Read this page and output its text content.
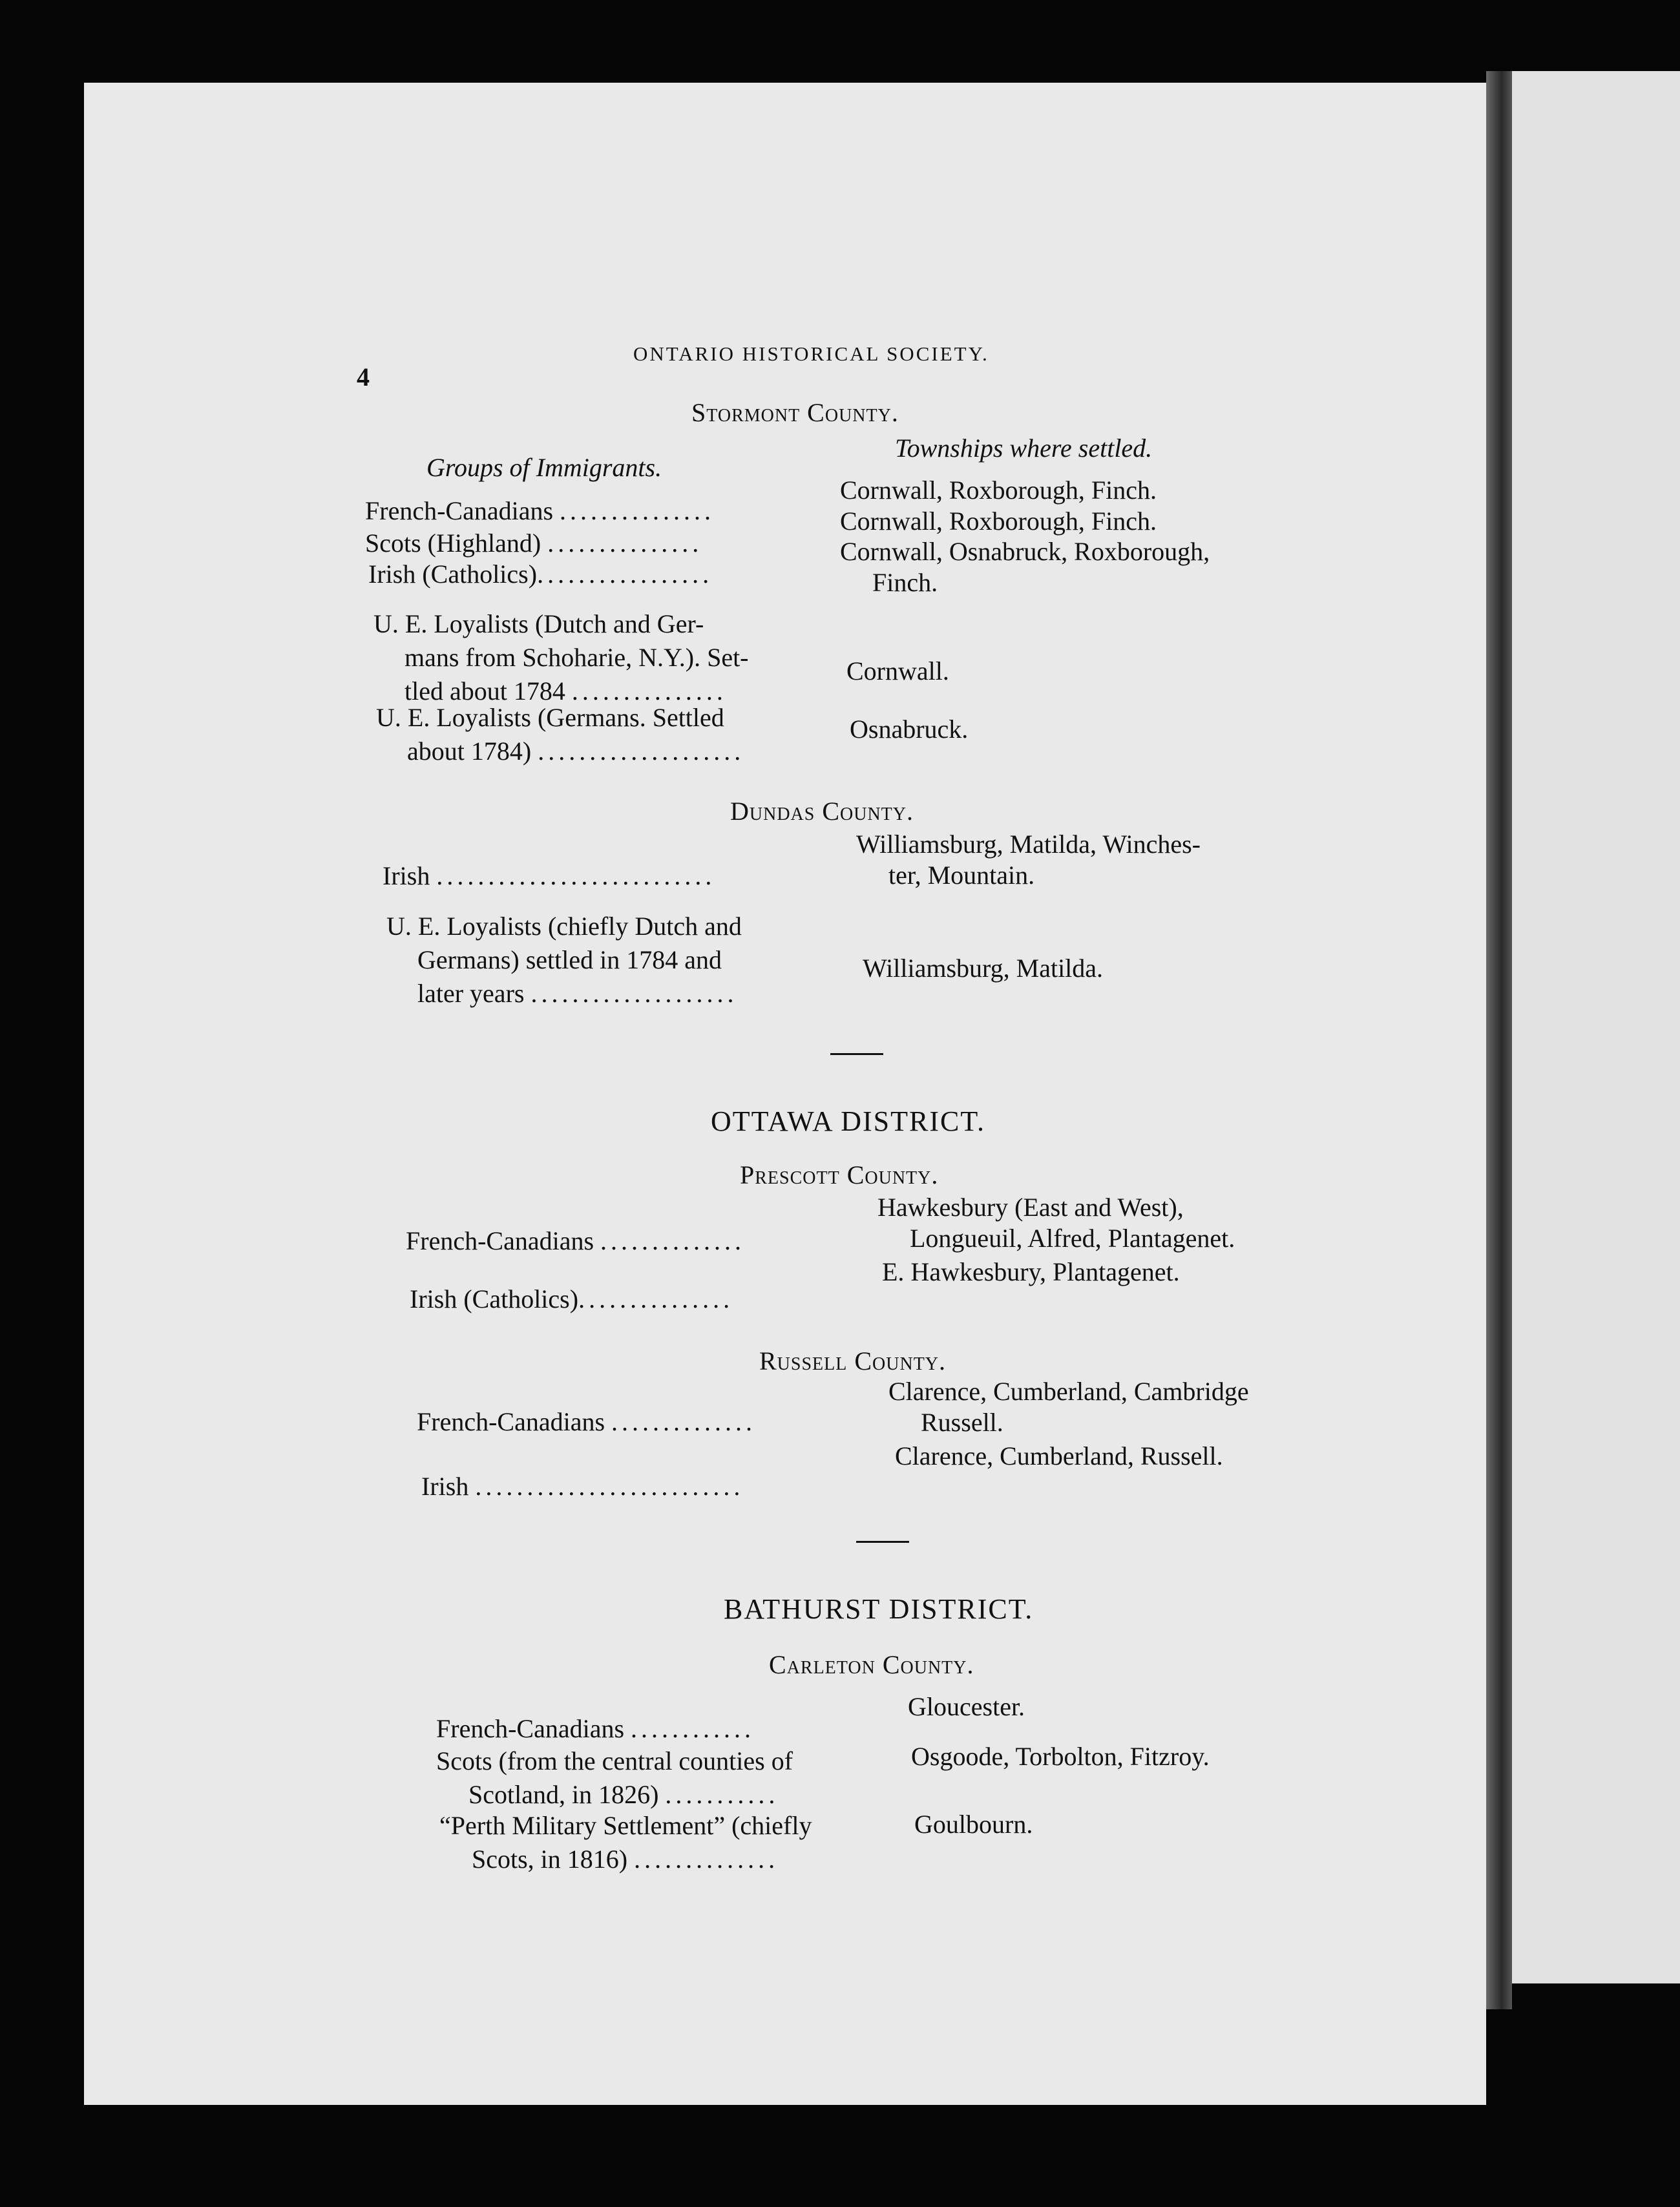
4
ONTARIO HISTORICAL SOCIETY.
Stormont County.
Groups of Immigrants.
Townships where settled.
French-Canadians ...............
Cornwall, Roxborough, Finch.
Scots (Highland) ...............
Cornwall, Roxborough, Finch.
Irish (Catholics).................
Cornwall, Osnabruck, Roxborough,
Finch.
U. E. Loyalists (Dutch and Ger-
mans from Schoharie, N.Y.). Set-
tled about 1784 ...............
Cornwall.
U. E. Loyalists (Germans. Settled
about 1784) ....................
Osnabruck.
Dundas County.
Irish ...........................
Williamsburg, Matilda, Winches-
ter, Mountain.
U. E. Loyalists (chiefly Dutch and
Germans) settled in 1784 and
later years ....................
Williamsburg, Matilda.
OTTAWA DISTRICT.
Prescott County.
French-Canadians ..............
Hawkesbury (East and West),
Longueuil, Alfred, Plantagenet.
Irish (Catholics)...............
E. Hawkesbury, Plantagenet.
Russell County.
French-Canadians ..............
Clarence, Cumberland, Cambridge
Russell.
Irish ..........................
Clarence, Cumberland, Russell.
BATHURST DISTRICT.
Carleton County.
French-Canadians ............
Gloucester.
Scots (from the central counties of
Scotland, in 1826) ...........
Osgoode, Torbolton, Fitzroy.
“Perth Military Settlement” (chiefly
Scots, in 1816) ..............
Goulbourn.
